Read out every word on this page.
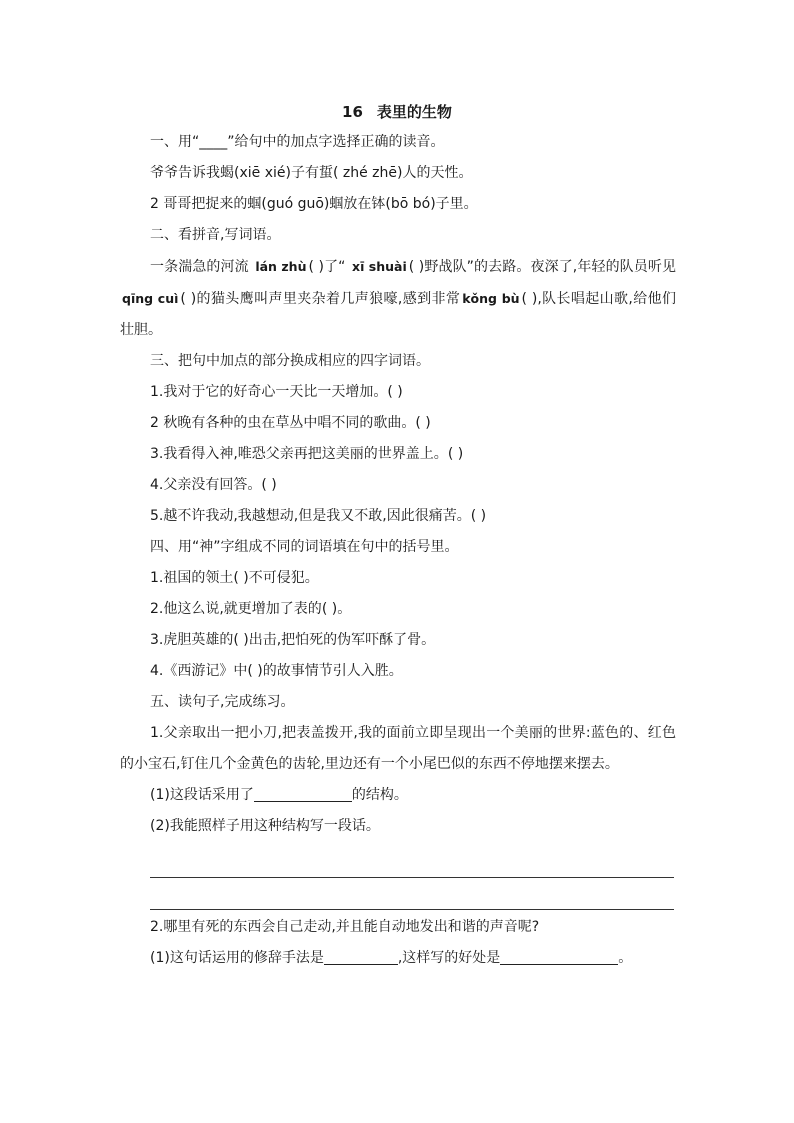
16 表里的生物
一、用“____”给句中的加点字选择正确的读音。
爷爷告诉我蝎(xiē xié)子有蜇( zhé zhē)人的天性。
2 哥哥把捉来的蝈(guó guō)蝈放在钵(bō bó)子里。
二、看拼音,写词语。
一条湍急的河流 lán zhù ( )了“ xī shuài ( )野战队”的去路。夜深了,年轻的队员听见 qīng cuì ( )的猫头鹰叫声里夹杂着几声狼嚎,感到非常 kǒng bù ( ),队长唱起山歌,给他们壮胆。
三、把句中加点的部分换成相应的四字词语。
1.我对于它的好奇心一天比一天增加。( )
2 秋晚有各种的虫在草丛中唱不同的歌曲。( )
3.我看得入神,唯恐父亲再把这美丽的世界盖上。( )
4.父亲没有回答。( )
5.越不许我动,我越想动,但是我又不敢,因此很痛苦。( )
四、用“神”字组成不同的词语填在句中的括号里。
1.祖国的领土( )不可侵犯。
2.他这么说,就更增加了表的( )。
3.虎胆英雄的( )出击,把怕死的伪军吓酥了骨。
4.《西游记》中( )的故事情节引人入胜。
五、读句子,完成练习。
1.父亲取出一把小刀,把表盖拨开,我的面前立即呈现出一个美丽的世界:蓝色的、红色的小宝石,钉住几个金黄色的齿轮,里边还有一个小尾巴似的东西不停地摆来摆去。
(1)这段话采用了	的结构。
(2)我能照样子用这种结构写一段话。
2.哪里有死的东西会自己走动,并且能自动地发出和谐的声音呢?
(1)这句话运用的修辞手法是	,这样写的好处是	。
